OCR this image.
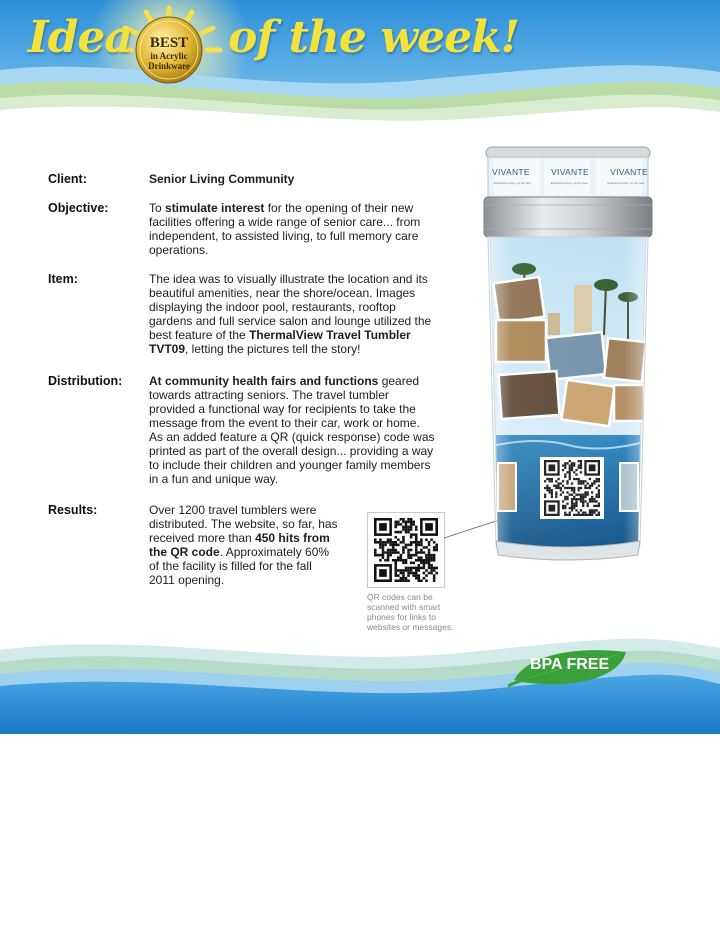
Idea	BEST
in Acrylic
Drinkware
of the week!
Client:	Senior Living Community
Objective:	To stimulate interest for the opening of their new facilities offering a wide range of senior care... from independent, to assisted living, to full memory care operations.
Item:	The idea was to visually illustrate the location and its beautiful amenities, near the shore/ocean. Images displaying the indoor pool, restaurants, rooftop gardens and full service salon and lounge utilized the best feature of the ThermalView Travel Tumbler TVT09, letting the pictures tell the story!
Distribution: At community health fairs and functions geared towards attracting seniors. The travel tumbler provided a functional way for recipients to take the message from the event to their car, work or home. As an added feature a QR (quick response) code was printed as part of the overall design... providing a way to include their children and younger family members in a fun and unique way.
Results:	Over 1200 travel tumblers were distributed. The website, so far, has received more than 450 hits from the QR code. Approximately 60% of the facility is filled for the fall 2011 opening.
QR codes can be scanned with smart phones for links to websites or messages.
VIVANTE VIVANTE VIVANTE
Enhanced Living - by the Sea	Enhanced Living - by the Sea	Enhanced Living - by the Sea
BPA FREE
